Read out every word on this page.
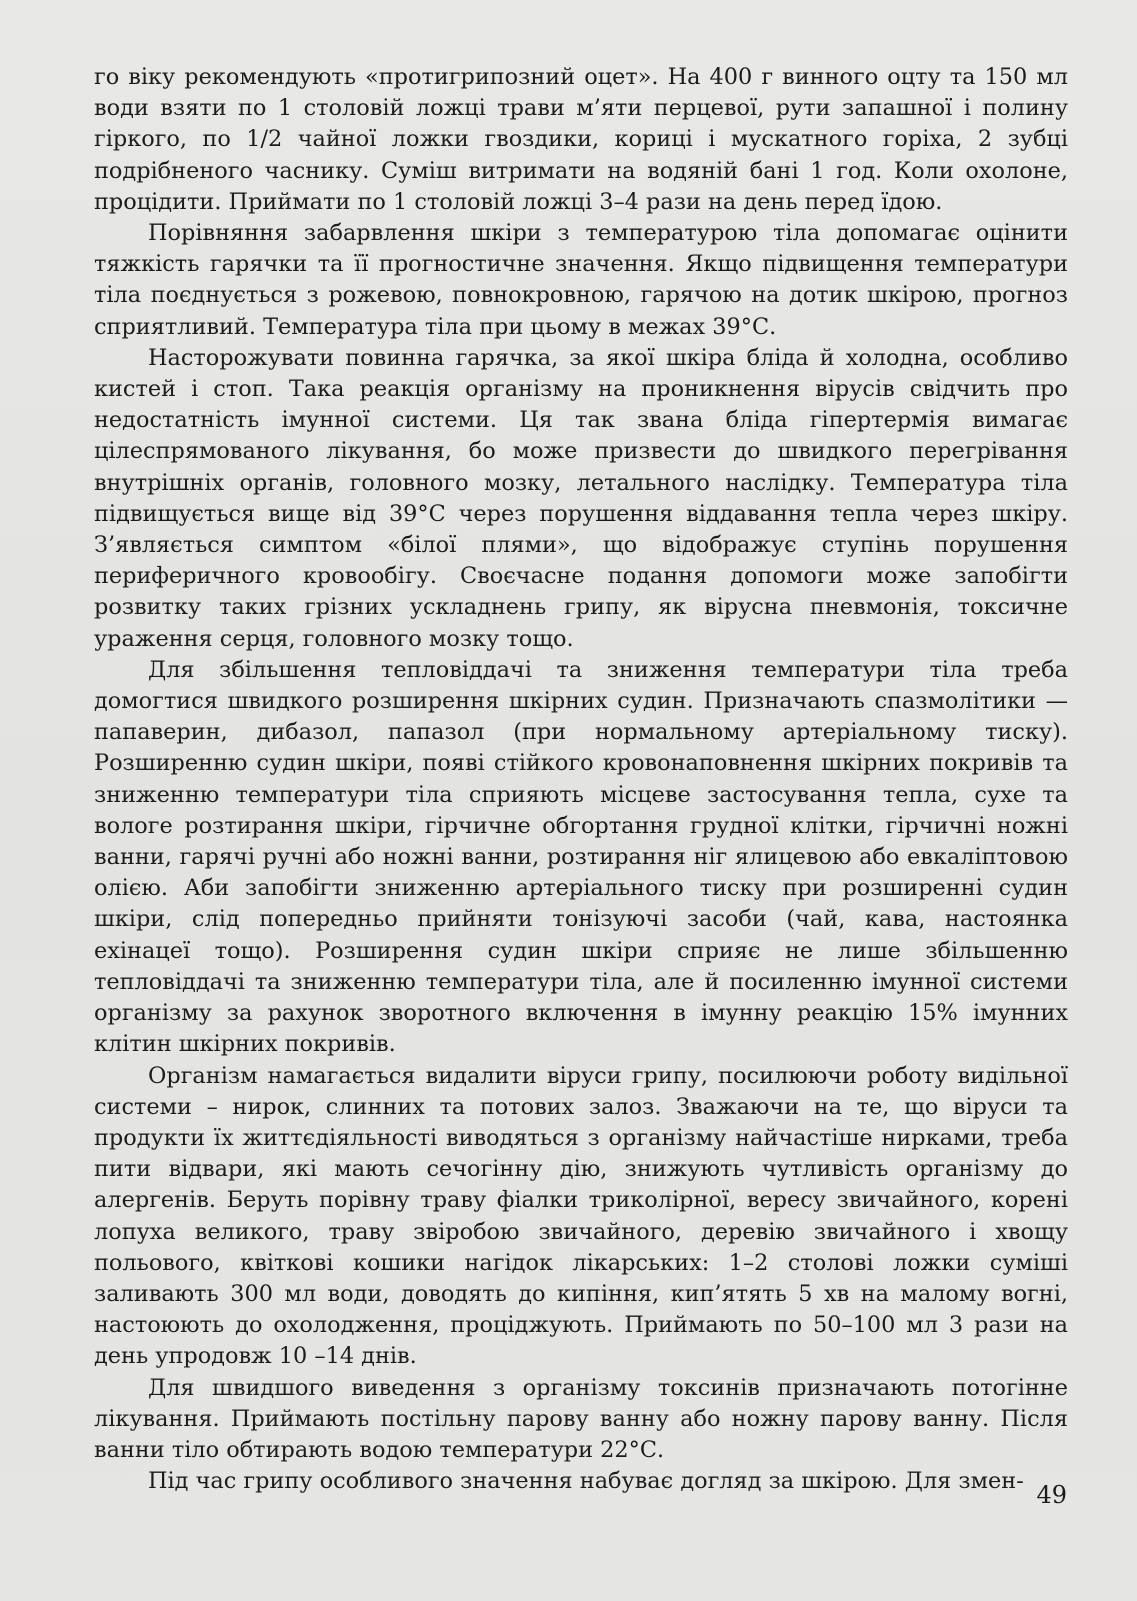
го віку рекомендують «протигрипозний оцет». На 400 г винного оцту та 150 мл води взяти по 1 столовій ложці трави м’яти перцевої, рути запашної і полину гіркого, по 1/2 чайної ложки гвоздики, кориці і мускатного горіха, 2 зубці подрібненого часнику. Суміш витримати на водяній бані 1 год. Коли охолоне, процідити. Приймати по 1 столовій ложці 3–4 рази на день перед їдою.

Порівняння забарвлення шкіри з температурою тіла допомагає оцінити тяжкість гарячки та її прогностичне значення. Якщо підвищення температури тіла поєднується з рожевою, повнокровною, гарячою на дотик шкірою, прогноз сприятливий. Температура тіла при цьому в межах 39°С.

Насторожувати повинна гарячка, за якої шкіра бліда й холодна, особливо кистей і стоп. Така реакція організму на проникнення вірусів свідчить про недостатність імунної системи. Ця так звана бліда гіпертермія вимагає цілеспрямованого лікування, бо може призвести до швидкого перегрівання внутрішніх органів, головного мозку, летального наслідку. Температура тіла підвищується вище від 39°С через порушення віддавання тепла через шкіру. З’являється симптом «білої плями», що відображує ступінь порушення периферичного кровообігу. Своєчасне подання допомоги може запобігти розвитку таких грізних ускладнень грипу, як вірусна пневмонія, токсичне ураження серця, головного мозку тощо.

Для збільшення тепловіддачі та зниження температури тіла треба домогтися швидкого розширення шкірних судин. Призначають спазмолітики — папаверин, дибазол, папазол (при нормальному артеріальному тиску). Розширенню судин шкіри, появі стійкого кровонаповнення шкірних покривів та зниженню температури тіла сприяють місцеве застосування тепла, сухе та вологе розтирання шкіри, гірчичне обгортання грудної клітки, гірчичні ножні ванни, гарячі ручні або ножні ванни, розтирання ніг ялицевою або евкаліптовою олією. Аби запобігти зниженню артеріального тиску при розширенні судин шкіри, слід попередньо прийняти тонізуючі засоби (чай, кава, настоянка ехінацеї тощо). Розширення судин шкіри сприяє не лише збільшенню тепловіддачі та зниженню температури тіла, але й посиленню імунної системи організму за рахунок зворотного включення в імунну реакцію 15% імунних клітин шкірних покривів.

Організм намагається видалити віруси грипу, посилюючи роботу видільної системи – нирок, слинних та потових залоз. Зважаючи на те, що віруси та продукти їх життєдіяльності виводяться з організму найчастіше нирками, треба пити відвари, які мають сечогінну дію, знижують чутливість організму до алергенів. Беруть порівну траву фіалки триколірної, вересу звичайного, корені лопуха великого, траву звіробою звичайного, деревію звичайного і хвощу польового, квіткові кошики нагідок лікарських: 1–2 столові ложки суміші заливають 300 мл води, доводять до кипіння, кип’ятять 5 хв на малому вогні, настоюють до охолодження, проціджують. Приймають по 50–100 мл 3 рази на день упродовж 10 –14 днів.

Для швидшого виведення з організму токсинів призначають потогінне лікування. Приймають постільну парову ванну або ножну парову ванну. Після ванни тіло обтирають водою температури 22°С.

Під час грипу особливого значення набуває догляд за шкірою. Для змен- 49
